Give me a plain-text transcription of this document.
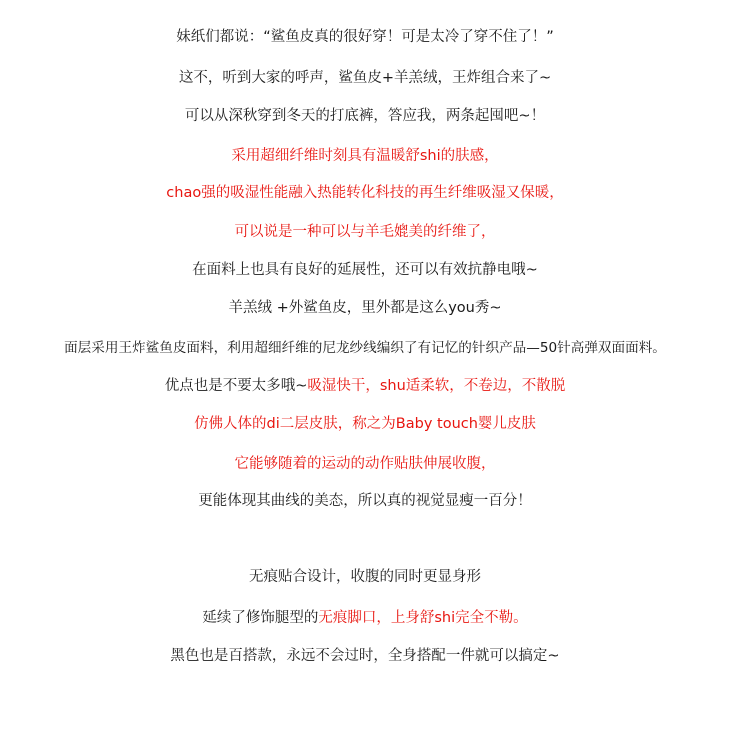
妹纸们都说：“鲨鱼皮真的很好穿！可是太冷了穿不住了！”
这不，听到大家的呼声，鲨鱼皮+羊羔绒，王炸组合来了~
可以从深秋穿到冬天的打底裤，答应我，两条起囤吧~！
采用超细纤维时刻具有温暖舒shi的肤感，
chao强的吸湿性能融入热能转化科技的再生纤维吸湿又保暖，
可以说是一种可以与羊毛媲美的纤维了，
在面料上也具有良好的延展性，还可以有效抗静电哦~
羊羔绒 +外鲨鱼皮，里外都是这么you秀~
面层采用王炸鲨鱼皮面料，利用超细纤维的尼龙纱线编织了有记忆的针织产品—50针高弹双面面料。
优点也是不要太多哦~吸湿快干，shu适柔软，不卷边，不散脱
仿佛人体的di二层皮肤，称之为Baby touch婴儿皮肤
它能够随着的运动的动作贴肤伸展收腹，
更能体现其曲线的美态，所以真的视觉显瘦一百分！
无痕贴合设计，收腹的同时更显身形
延续了修饰腿型的无痕脚口，上身舒shi完全不勒。
黑色也是百搭款，永远不会过时，全身搭配一件就可以搞定~
